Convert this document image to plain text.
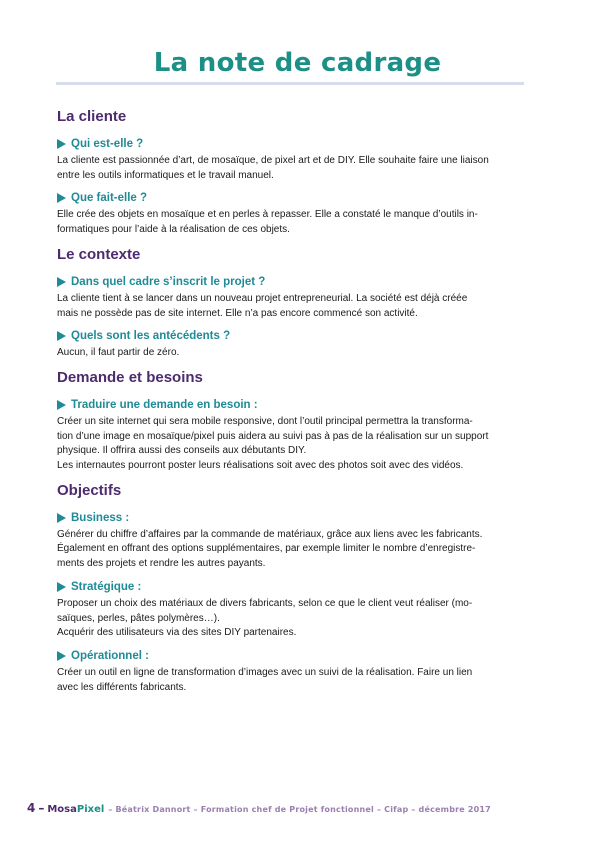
La note de cadrage
La cliente
Qui est-elle ?

La cliente est passionnée d’art, de mosaïque, de pixel art et de DIY. Elle souhaite faire une liaison
entre les outils informatiques et le travail manuel.

Que fait-elle ?

Elle crée des objets en mosaïque et en perles à repasser. Elle a constaté le manque d’outils in-
formatiques pour l’aide à la réalisation de ces objets.

Le contexte
Dans quel cadre s’inscrit le projet ?

La cliente tient à se lancer dans un nouveau projet entrepreneurial. La société est déjà créée
mais ne possède pas de site internet. Elle n’a pas encore commencé son activité.

Quels sont les antécédents ?

Aucun, il faut partir de zéro.

Demande et besoins
Traduire une demande en besoin :

Créer un site internet qui sera mobile responsive, dont l’outil principal permettra la transforma-
tion d’une image en mosaïque/pixel puis aidera au suivi pas à pas de la réalisation sur un support
physique. Il offrira aussi des conseils aux débutants DIY.
Les internautes pourront poster leurs réalisations soit avec des photos soit avec des vidéos.

Objectifs
Business :

Générer du chiffre d’affaires par la commande de matériaux, grâce aux liens avec les fabricants.
Également en offrant des options supplémentaires, par exemple limiter le nombre d’enregistre-
ments des projets et rendre les autres payants.

Stratégique :

Proposer un choix des matériaux de divers fabricants, selon ce que le client veut réaliser (mo-
saïques, perles, pâtes polymères…).
Acquérir des utilisateurs via des sites DIY partenaires.

Opérationnel :

Créer un outil en ligne de transformation d’images avec un suivi de la réalisation. Faire un lien
avec les différents fabricants.

4 – MosaPixel – Béatrix Dannort – Formation chef de Projet fonctionnel – Cifap – décembre 2017
